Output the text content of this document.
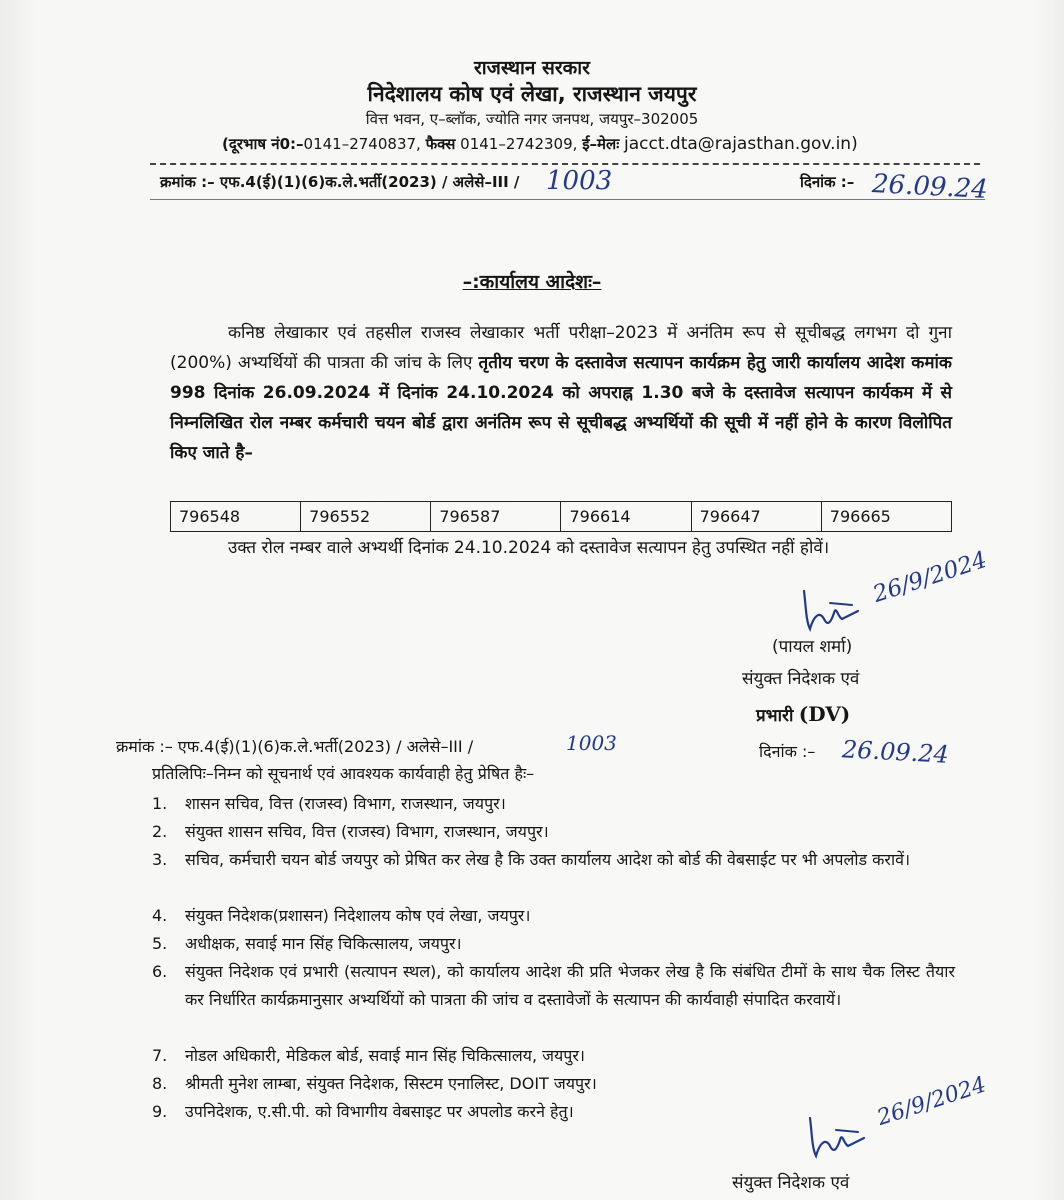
राजस्थान सरकार
निदेशालय कोष एवं लेखा, राजस्थान जयपुर
वित्त भवन, ए–ब्लॉक, ज्योति नगर जनपथ, जयपुर–302005
(दूरभाष नं0:–0141–2740837, फैक्स 0141–2742309, ई–मेलः jacct.dta@rajasthan.gov.in)
क्रमांक :– एफ.4(ई)(1)(6)क.ले.भर्ती(2023) / अलेसे–III / 1003	दिनांक :– 26.09.24
–:कार्यालय आदेशः–
कनिष्ठ लेखाकार एवं तहसील राजस्व लेखाकार भर्ती परीक्षा–2023 में अनंतिम रूप से सूचीबद्ध लगभग दो गुना (200%) अभ्यर्थियों की पात्रता की जांच के लिए तृतीय चरण के दस्तावेज सत्यापन कार्यक्रम हेतु जारी कार्यालय आदेश कमांक 998 दिनांक 26.09.2024 में दिनांक 24.10.2024 को अपराह्न 1.30 बजे के दस्तावेज सत्यापन कार्यकम में से निम्नलिखित रोल नम्बर कर्मचारी चयन बोर्ड द्वारा अनंतिम रूप से सूचीबद्ध अभ्यर्थियों की सूची में नहीं होने के कारण विलोपित किए जाते है–
796548	796552	796587	796614	796647	796665
उक्त रोल नम्बर वाले अभ्यर्थी दिनांक 24.10.2024 को दस्तावेज सत्यापन हेतु उपस्थित नहीं होवें।	26/9/2024
(पायल शर्मा)
संयुक्त निदेशक एवं
प्रभारी (DV)
क्रमांक :– एफ.4(ई)(1)(6)क.ले.भर्ती(2023) / अलेसे–III /	1003	दिनांक :– 26.09.24
प्रतिलिपिः–निम्न को सूचनार्थ एवं आवश्यक कार्यवाही हेतु प्रेषित हैः–
1.	शासन सचिव, वित्त (राजस्व) विभाग, राजस्थान, जयपुर।
2.	संयुक्त शासन सचिव, वित्त (राजस्व) विभाग, राजस्थान, जयपुर।
3.	सचिव, कर्मचारी चयन बोर्ड जयपुर को प्रेषित कर लेख है कि उक्त कार्यालय आदेश को बोर्ड की वेबसाईट पर भी अपलोड करावें।
4.	संयुक्त निदेशक(प्रशासन) निदेशालय कोष एवं लेखा, जयपुर।
5.	अधीक्षक, सवाई मान सिंह चिकित्सालय, जयपुर।
6.	संयुक्त निदेशक एवं प्रभारी (सत्यापन स्थल), को कार्यालय आदेश की प्रति भेजकर लेख है कि संबंधित टीमों के साथ चैक लिस्ट तैयार कर निर्धारित कार्यक्रमानुसार अभ्यर्थियों को पात्रता की जांच व दस्तावेजों के सत्यापन की कार्यवाही संपादित करवायें।
7.	नोडल अधिकारी, मेडिकल बोर्ड, सवाई मान सिंह चिकित्सालय, जयपुर।
8.	श्रीमती मुनेश लाम्बा, संयुक्त निदेशक, सिस्टम एनालिस्ट, DOIT जयपुर।
9.	उपनिदेशक, ए.सी.पी. को विभागीय वेबसाइट पर अपलोड करने हेतु।	26/9/2024
संयुक्त निदेशक एवं
